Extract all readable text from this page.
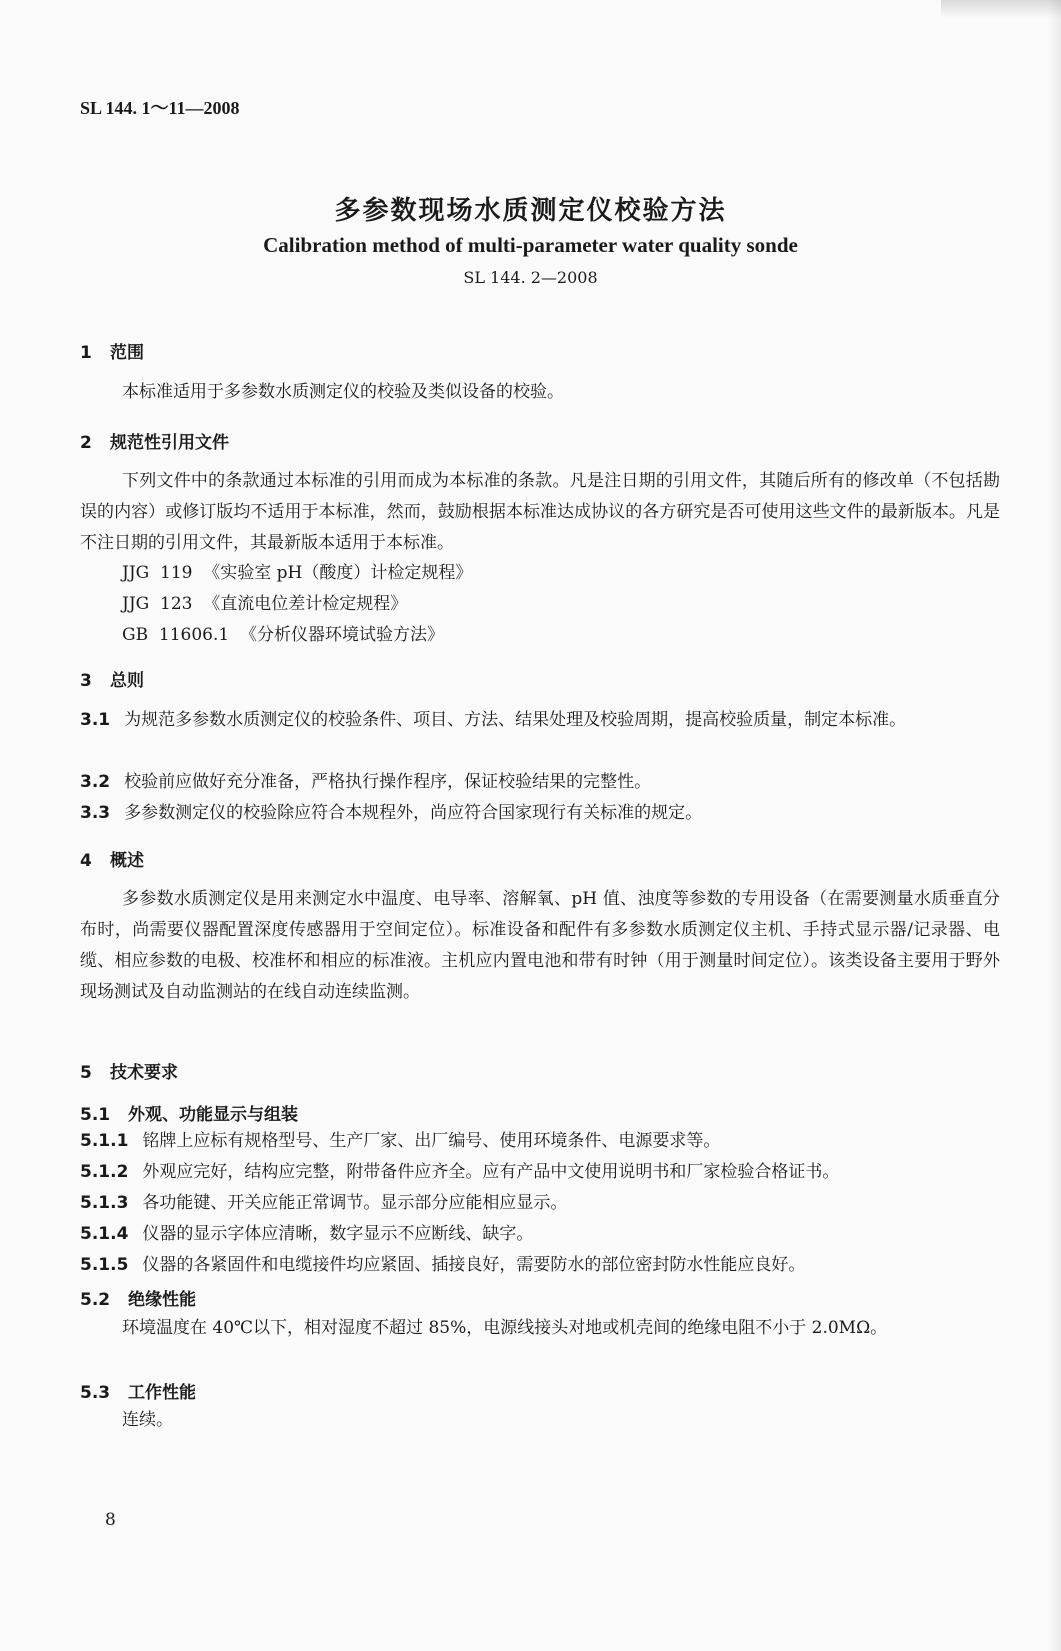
SL 144. 1～11—2008
多参数现场水质测定仪校验方法
Calibration method of multi-parameter water quality sonde
SL 144. 2—2008
1 范围
本标准适用于多参数水质测定仪的校验及类似设备的校验。
2 规范性引用文件
下列文件中的条款通过本标准的引用而成为本标准的条款。凡是注日期的引用文件，其随后所有的修改单（不包括勘误的内容）或修订版均不适用于本标准，然而，鼓励根据本标准达成协议的各方研究是否可使用这些文件的最新版本。凡是不注日期的引用文件，其最新版本适用于本标准。
JJG  119  《实验室 pH（酸度）计检定规程》
JJG  123  《直流电位差计检定规程》
GB  11606.1  《分析仪器环境试验方法》
3 总则
3.1 为规范多参数水质测定仪的校验条件、项目、方法、结果处理及校验周期，提高校验质量，制定本标准。
3.2 校验前应做好充分准备，严格执行操作程序，保证校验结果的完整性。
3.3 多参数测定仪的校验除应符合本规程外，尚应符合国家现行有关标准的规定。
4 概述
多参数水质测定仪是用来测定水中温度、电导率、溶解氧、pH 值、浊度等参数的专用设备（在需要测量水质垂直分布时，尚需要仪器配置深度传感器用于空间定位）。标准设备和配件有多参数水质测定仪主机、手持式显示器/记录器、电缆、相应参数的电极、校准杯和相应的标准液。主机应内置电池和带有时钟（用于测量时间定位）。该类设备主要用于野外现场测试及自动监测站的在线自动连续监测。
5 技术要求
5.1 外观、功能显示与组装
5.1.1 铭牌上应标有规格型号、生产厂家、出厂编号、使用环境条件、电源要求等。
5.1.2 外观应完好，结构应完整，附带备件应齐全。应有产品中文使用说明书和厂家检验合格证书。
5.1.3 各功能键、开关应能正常调节。显示部分应能相应显示。
5.1.4 仪器的显示字体应清晰，数字显示不应断线、缺字。
5.1.5 仪器的各紧固件和电缆接件均应紧固、插接良好，需要防水的部位密封防水性能应良好。
5.2 绝缘性能
环境温度在 40℃以下，相对湿度不超过 85%，电源线接头对地或机壳间的绝缘电阻不小于 2.0MΩ。
5.3 工作性能
连续。
8
